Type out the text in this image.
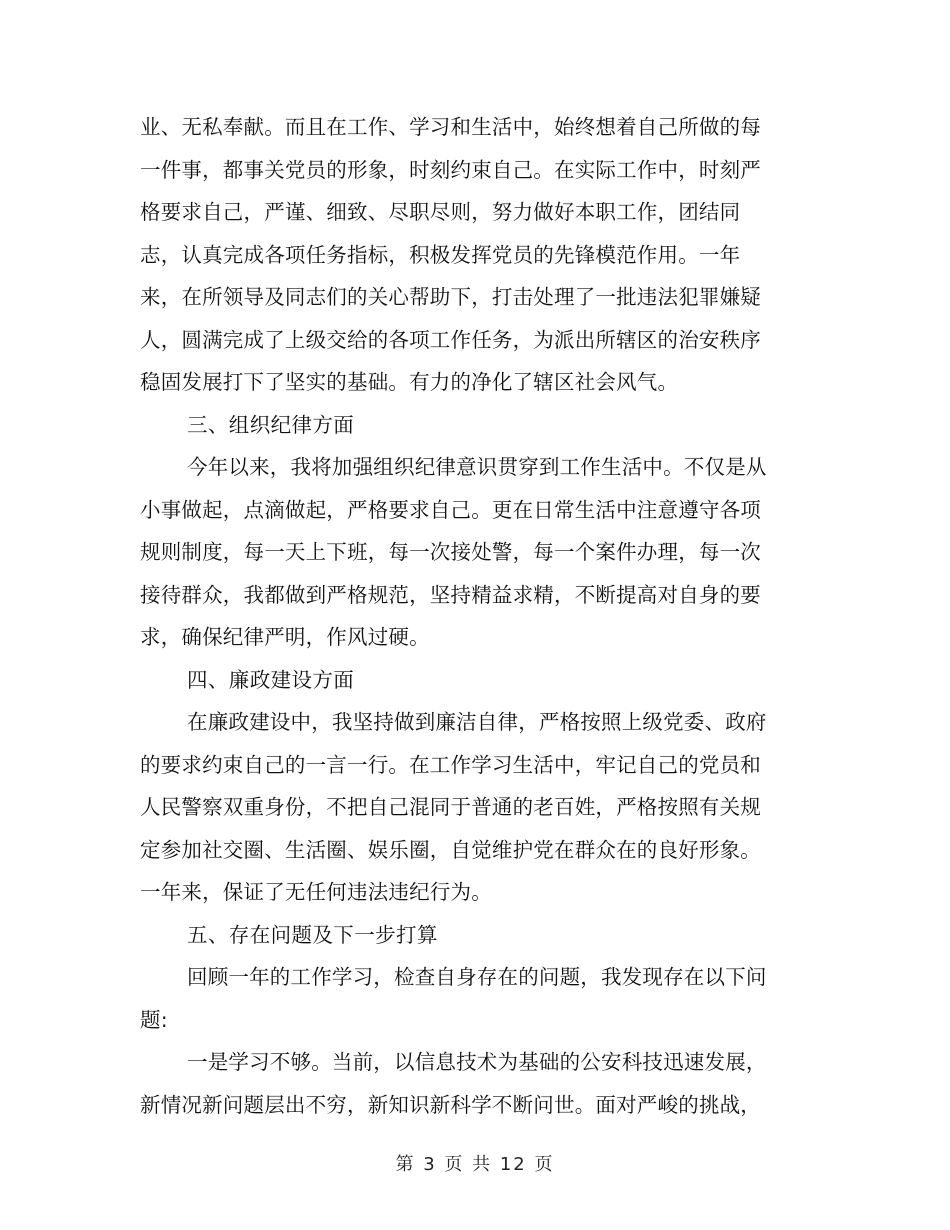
业、无私奉献。而且在工作、学习和生活中，始终想着自己所做的每
一件事，都事关党员的形象，时刻约束自己。在实际工作中，时刻严
格要求自己，严谨、细致、尽职尽则，努力做好本职工作，团结同
志，认真完成各项任务指标，积极发挥党员的先锋模范作用。一年
来，在所领导及同志们的关心帮助下，打击处理了一批违法犯罪嫌疑
人，圆满完成了上级交给的各项工作任务，为派出所辖区的治安秩序
稳固发展打下了坚实的基础。有力的净化了辖区社会风气。
三、组织纪律方面
今年以来，我将加强组织纪律意识贯穿到工作生活中。不仅是从
小事做起，点滴做起，严格要求自己。更在日常生活中注意遵守各项
规则制度，每一天上下班，每一次接处警，每一个案件办理，每一次
接待群众，我都做到严格规范，坚持精益求精，不断提高对自身的要
求，确保纪律严明，作风过硬。
四、廉政建设方面
在廉政建设中，我坚持做到廉洁自律，严格按照上级党委、政府
的要求约束自己的一言一行。在工作学习生活中，牢记自己的党员和
人民警察双重身份，不把自己混同于普通的老百姓，严格按照有关规
定参加社交圈、生活圈、娱乐圈，自觉维护党在群众在的良好形象。
一年来，保证了无任何违法违纪行为。
五、存在问题及下一步打算
回顾一年的工作学习，检查自身存在的问题，我发现存在以下问
题:
一是学习不够。当前，以信息技术为基础的公安科技迅速发展，
新情况新问题层出不穷，新知识新科学不断问世。面对严峻的挑战，
第 3 页 共 12 页
